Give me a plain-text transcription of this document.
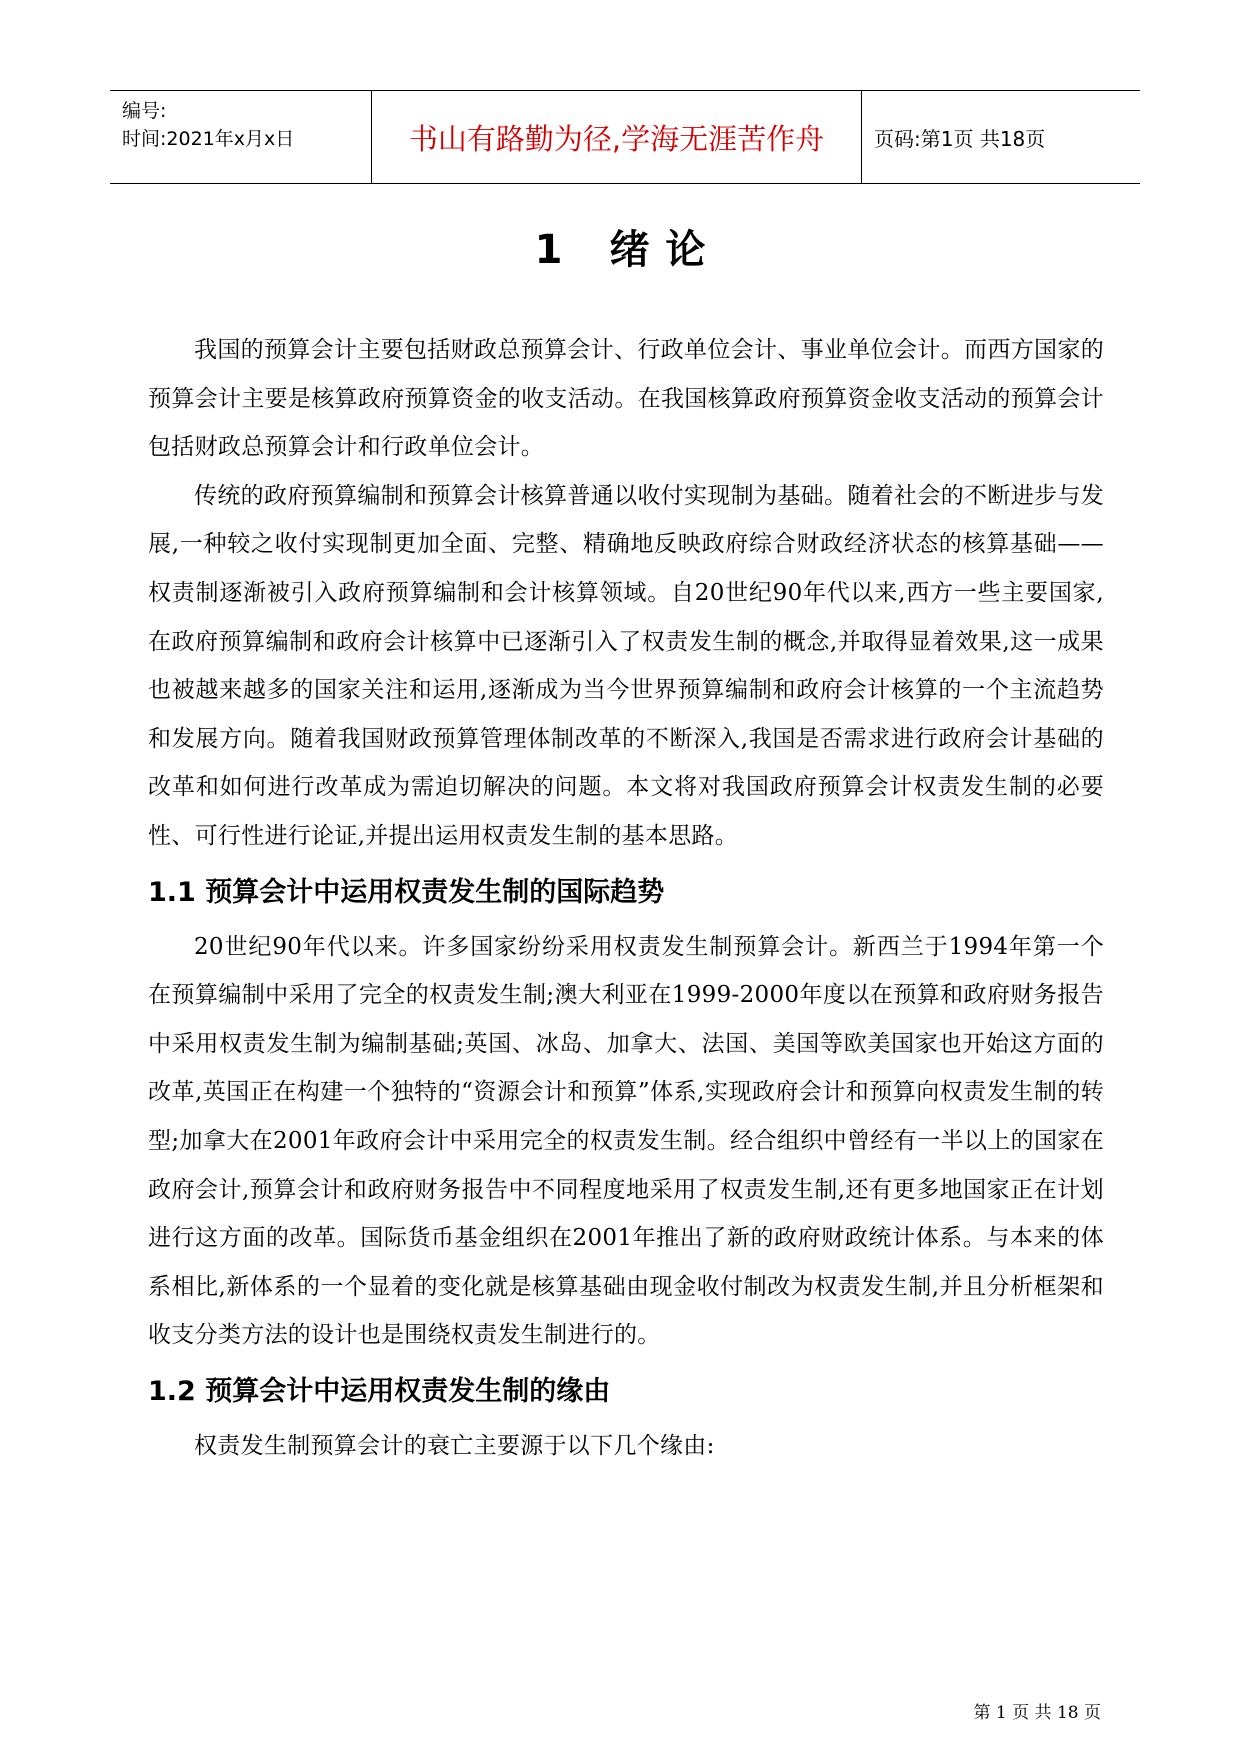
编号:
时间:2021年x月x日	书山有路勤为径,学海无涯苦作舟 页码:第1页 共18页
1 绪 论

我国的预算会计主要包括财政总预算会计、行政单位会计、事业单位会计。而西方国家的预算会计主要是核算政府预算资金的收支活动。在我国核算政府预算资金收支活动的预算会计包括财政总预算会计和行政单位会计。

传统的政府预算编制和预算会计核算普通以收付实现制为基础。随着社会的不断进步与发展,一种较之收付实现制更加全面、完整、精确地反映政府综合财政经济状态的核算基础——权责制逐渐被引入政府预算编制和会计核算领域。自20世纪90年代以来,西方一些主要国家,在政府预算编制和政府会计核算中已逐渐引入了权责发生制的概念,并取得显着效果,这一成果也被越来越多的国家关注和运用,逐渐成为当今世界预算编制和政府会计核算的一个主流趋势和发展方向。随着我国财政预算管理体制改革的不断深入,我国是否需求进行政府会计基础的改革和如何进行改革成为需迫切解决的问题。本文将对我国政府预算会计权责发生制的必要性、可行性进行论证,并提出运用权责发生制的基本思路。

1.1 预算会计中运用权责发生制的国际趋势

20世纪90年代以来。许多国家纷纷采用权责发生制预算会计。新西兰于1994年第一个在预算编制中采用了完全的权责发生制;澳大利亚在1999-2000年度以在预算和政府财务报告中采用权责发生制为编制基础;英国、冰岛、加拿大、法国、美国等欧美国家也开始这方面的改革,英国正在构建一个独特的“资源会计和预算”体系,实现政府会计和预算向权责发生制的转型;加拿大在2001年政府会计中采用完全的权责发生制。经合组织中曾经有一半以上的国家在政府会计,预算会计和政府财务报告中不同程度地采用了权责发生制,还有更多地国家正在计划进行这方面的改革。国际货币基金组织在2001年推出了新的政府财政统计体系。与本来的体系相比,新体系的一个显着的变化就是核算基础由现金收付制改为权责发生制,并且分析框架和收支分类方法的设计也是围绕权责发生制进行的。

1.2 预算会计中运用权责发生制的缘由

权责发生制预算会计的衰亡主要源于以下几个缘由:

第 1 页 共 18 页
